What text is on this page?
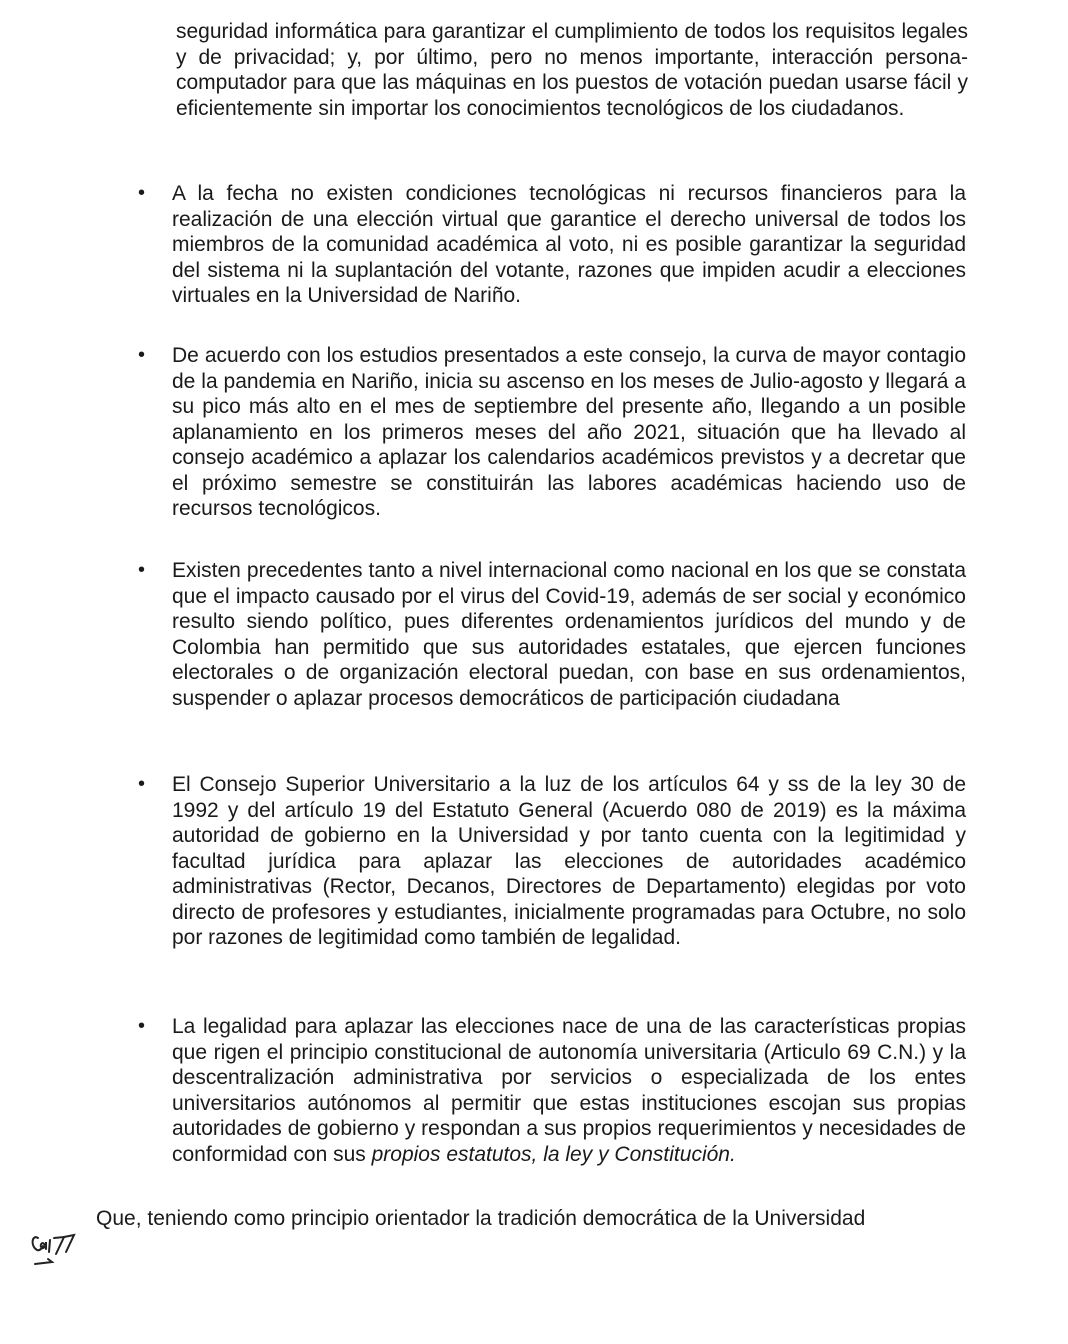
seguridad informática para garantizar el cumplimiento de todos los requisitos legales y de privacidad; y, por último, pero no menos importante, interacción persona-computador para que las máquinas en los puestos de votación puedan usarse fácil y eficientemente sin importar los conocimientos tecnológicos de los ciudadanos.

• A la fecha no existen condiciones tecnológicas ni recursos financieros para la realización de una elección virtual que garantice el derecho universal de todos los miembros de la comunidad académica al voto, ni es posible garantizar la seguridad del sistema ni la suplantación del votante, razones que impiden acudir a elecciones virtuales en la Universidad de Nariño.

• De acuerdo con los estudios presentados a este consejo, la curva de mayor contagio de la pandemia en Nariño, inicia su ascenso en los meses de Julio-agosto y llegará a su pico más alto en el mes de septiembre del presente año, llegando a un posible aplanamiento en los primeros meses del año 2021, situación que ha llevado al consejo académico a aplazar los calendarios académicos previstos y a decretar que el próximo semestre se constituirán las labores académicas haciendo uso de recursos tecnológicos.

• Existen precedentes tanto a nivel internacional como nacional en los que se constata que el impacto causado por el virus del Covid-19, además de ser social y económico resulto siendo político, pues diferentes ordenamientos jurídicos del mundo y de Colombia han permitido que sus autoridades estatales, que ejercen funciones electorales o de organización electoral puedan, con base en sus ordenamientos, suspender o aplazar procesos democráticos de participación ciudadana

• El Consejo Superior Universitario a la luz de los artículos 64 y ss de la ley 30 de 1992 y del artículo 19 del Estatuto General (Acuerdo 080 de 2019) es la máxima autoridad de gobierno en la Universidad y por tanto cuenta con la legitimidad y facultad jurídica para aplazar las elecciones de autoridades académico administrativas (Rector, Decanos, Directores de Departamento) elegidas por voto directo de profesores y estudiantes, inicialmente programadas para Octubre, no solo por razones de legitimidad como también de legalidad.

• La legalidad para aplazar las elecciones nace de una de las características propias que rigen el principio constitucional de autonomía universitaria (Articulo 69 C.N.) y la descentralización administrativa por servicios o especializada de los entes universitarios autónomos al permitir que estas instituciones escojan sus propias autoridades de gobierno y respondan a sus propios requerimientos y necesidades de conformidad con sus propios estatutos, la ley y Constitución.

Que, teniendo como principio orientador la tradición democrática de la Universidad
